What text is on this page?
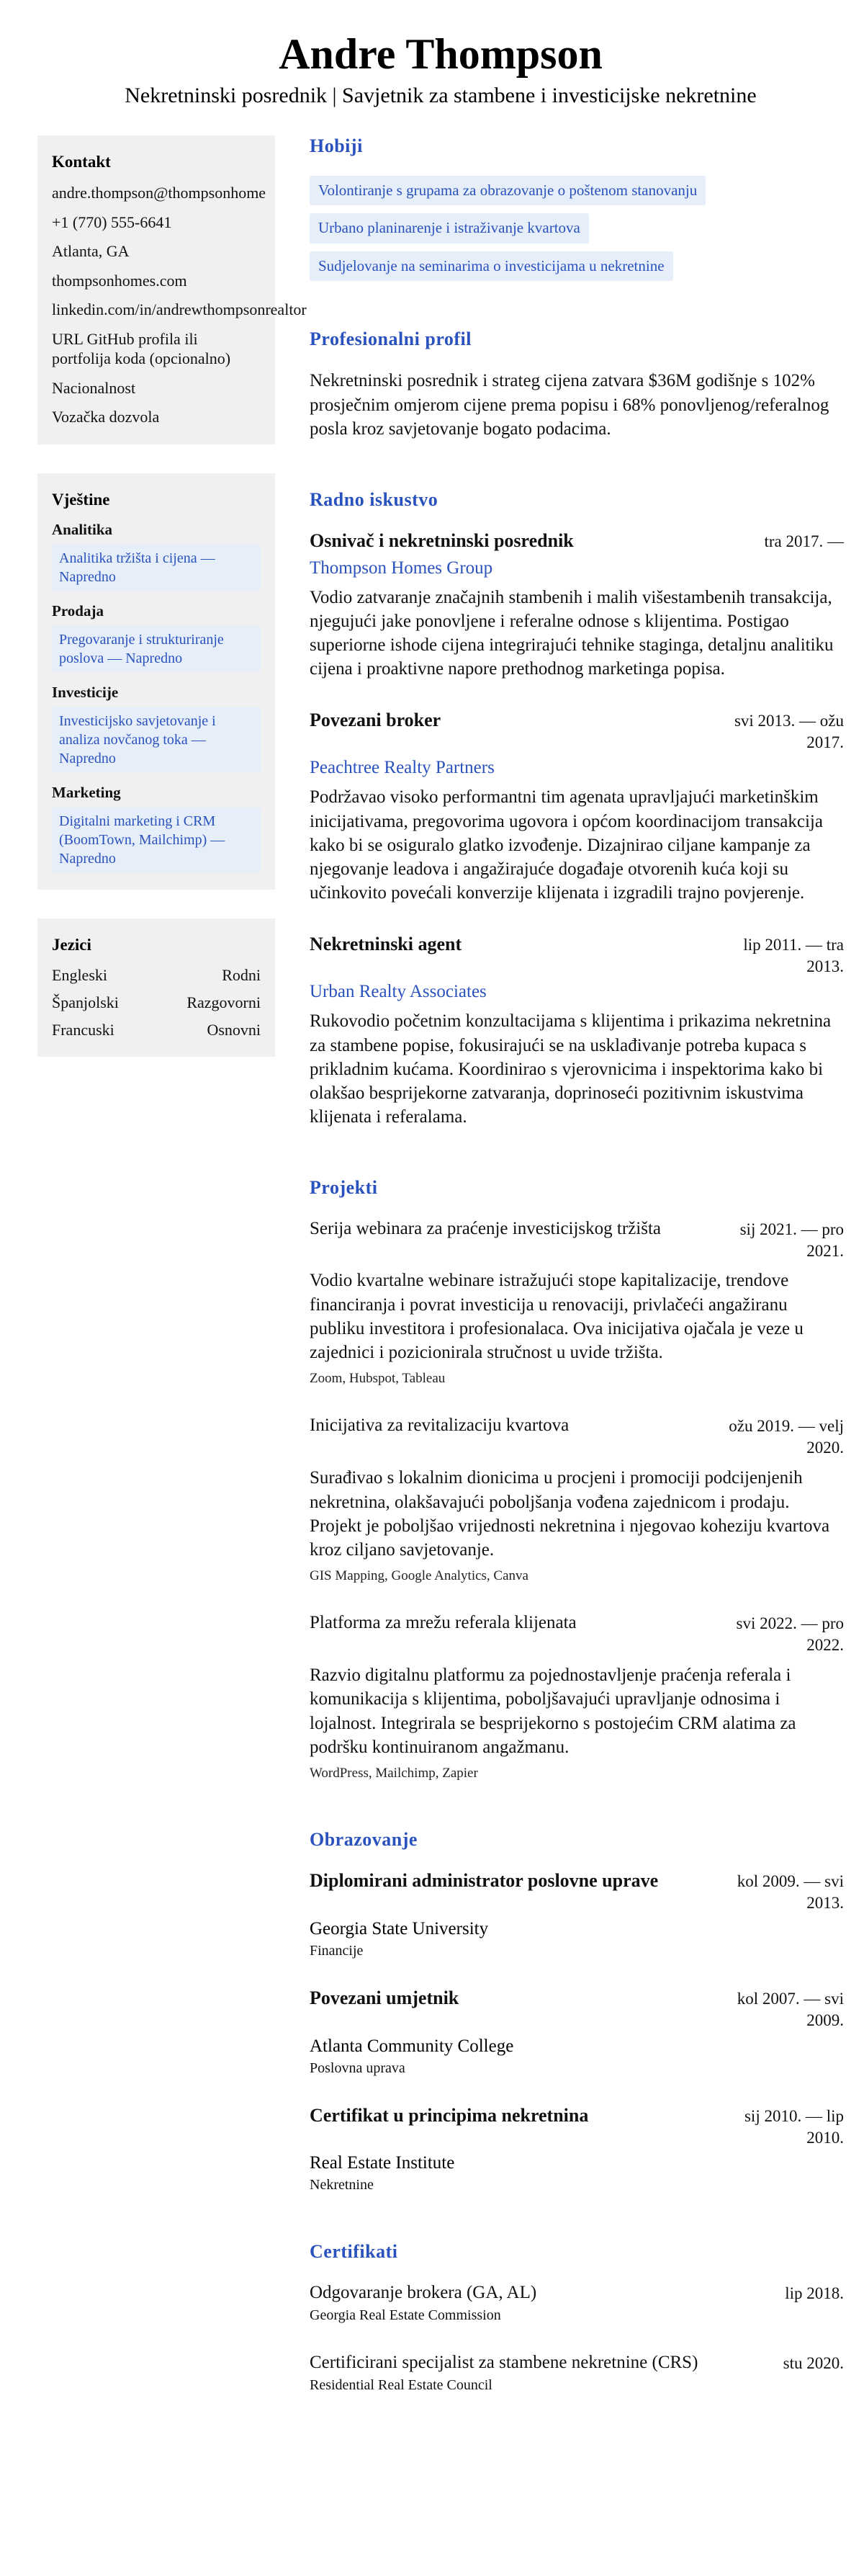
Andre Thompson
Nekretninski posrednik | Savjetnik za stambene i investicijske nekretnine
Kontakt
andre.thompson@thompsonhome
+1 (770) 555-6641
Atlanta, GA
thompsonhomes.com
linkedin.com/in/andrewthompsonrealtor
URL GitHub profila ili portfolija koda (opcionalno)
Nacionalnost
Vozačka dozvola
Vještine
Analitika
Analitika tržišta i cijena — Napredno
Prodaja
Pregovaranje i strukturiranje poslova — Napredno
Investicije
Investicijsko savjetovanje i analiza novčanog toka — Napredno
Marketing
Digitalni marketing i CRM (BoomTown, Mailchimp) — Napredno
Jezici
Engleski	Rodni
Španjolski	Razgovorni
Francuski	Osnovni
Hobiji
Volontiranje s grupama za obrazovanje o poštenom stanovanju
Urbano planinarenje i istraživanje kvartova
Sudjelovanje na seminarima o investicijama u nekretnine
Profesionalni profil

Nekretninski posrednik i strateg cijena zatvara $36M godišnje s 102% prosječnim omjerom cijene prema popisu i 68% ponovljenog/referalnog posla kroz savjetovanje bogato podacima.

Radno iskustvo
Osnivač i nekretninski posrednik	tra 2017. —
Thompson Homes Group

Vodio zatvaranje značajnih stambenih i malih višestambenih transakcija, njegujući jake ponovljene i referalne odnose s klijentima. Postigao superiorne ishode cijena integrirajući tehnike staginga, detaljnu analitiku cijena i proaktivne napore prethodnog marketinga popisa.

Povezani broker	svi 2013. — ožu 2017.
Peachtree Realty Partners

Podržavao visoko performantni tim agenata upravljajući marketinškim inicijativama, pregovorima ugovora i općom koordinacijom transakcija kako bi se osiguralo glatko izvođenje. Dizajnirao ciljane kampanje za njegovanje leadova i angažirajuće događaje otvorenih kuća koji su učinkovito povećali konverzije klijenata i izgradili trajno povjerenje.

Nekretninski agent	lip 2011. — tra 2013.
Urban Realty Associates

Rukovodio početnim konzultacijama s klijentima i prikazima nekretnina za stambene popise, fokusirajući se na usklađivanje potreba kupaca s prikladnim kućama. Koordinirao s vjerovnicima i inspektorima kako bi olakšao besprijekorne zatvaranja, doprinoseći pozitivnim iskustvima klijenata i referalama.

Projekti
Serija webinara za praćenje investicijskog tržišta	sij 2021. — pro 2021.

Vodio kvartalne webinare istražujući stope kapitalizacije, trendove financiranja i povrat investicija u renovaciji, privlačeći angažiranu publiku investitora i profesionalaca. Ova inicijativa ojačala je veze u zajednici i pozicionirala stručnost u uvide tržišta.

Zoom, Hubspot, Tableau
Inicijativa za revitalizaciju kvartova	ožu 2019. — velj 2020.

Surađivao s lokalnim dionicima u procjeni i promociji podcijenjenih nekretnina, olakšavajući poboljšanja vođena zajednicom i prodaju. Projekt je poboljšao vrijednosti nekretnina i njegovao koheziju kvartova kroz ciljano savjetovanje.

GIS Mapping, Google Analytics, Canva
Platforma za mrežu referala klijenata	svi 2022. — pro 2022.

Razvio digitalnu platformu za pojednostavljenje praćenja referala i komunikacija s klijentima, poboljšavajući upravljanje odnosima i lojalnost. Integrirala se besprijekorno s postojećim CRM alatima za podršku kontinuiranom angažmanu.

WordPress, Mailchimp, Zapier
Obrazovanje
Diplomirani administrator poslovne uprave	kol 2009. — svi 2013.
Georgia State University
Financije
Povezani umjetnik	kol 2007. — svi 2009.
Atlanta Community College
Poslovna uprava
Certifikat u principima nekretnina	sij 2010. — lip 2010.
Real Estate Institute
Nekretnine
Certifikati
Odgovaranje brokera (GA, AL)	lip 2018.
Georgia Real Estate Commission
Certificirani specijalist za stambene nekretnine (CRS)	stu 2020.
Residential Real Estate Council
